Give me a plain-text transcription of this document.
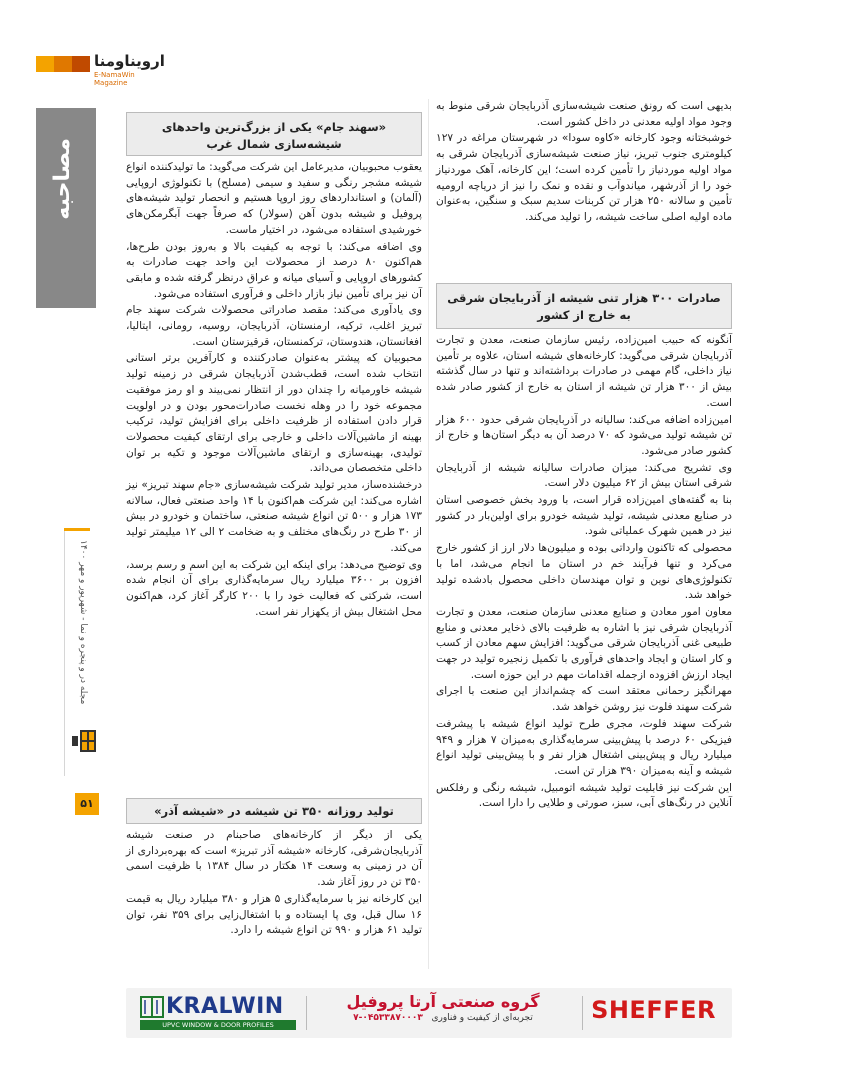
ارویناومنا
E-NamaWin Magazine
مصاحبه
مجله در و پنجره و نما - شهریور و مهر ۱۴۰۰
۵۱

بدیهی است که رونق صنعت شیشه‌سازی آذربایجان شرقی منوط به وجود مواد اولیه معدنی در داخل کشور است.

خوشبختانه وجود کارخانه «کاوه سودا» در شهرستان مراغه در ۱۲۷ کیلومتری جنوب تبریز، نیاز صنعت شیشه‌سازی آذربایجان شرقی به مواد اولیه موردنیاز را تأمین کرده است؛ این کارخانه، آهک موردنیاز خود را از آذرشهر، میاندوآب و نقده و نمک را نیز از دریاچه ارومیه تأمین و سالانه ۲۵۰ هزار تن کربنات سدیم سبک و سنگین، به‌عنوان ماده اولیه اصلی ساخت شیشه، را تولید می‌کند.

صادرات ۳۰۰ هزار تنی شیشه از آذربایجان شرقی به خارج از کشور

آنگونه که حبیب امین‌زاده، رئیس سازمان صنعت، معدن و تجارت آذربایجان شرقی می‌گوید: کارخانه‌های شیشه استان، علاوه بر تأمین نیاز داخلی، گام مهمی در صادرات برداشته‌اند و تنها در سال گذشته بیش از ۳۰۰ هزار تن شیشه از استان به خارج از کشور صادر شده است.

امین‌زاده اضافه می‌کند: سالیانه در آذربایجان شرقی حدود ۶۰۰ هزار تن شیشه تولید می‌شود که ۷۰ درصد آن به دیگر استان‌ها و خارج از کشور صادر می‌شود.

وی تشریح می‌کند: میزان صادرات سالیانه شیشه از آذربایجان شرقی استان بیش از ۶۲ میلیون دلار است.

بنا به گفته‌های امین‌زاده قرار است، با ورود بخش خصوصی استان در صنایع معدنی شیشه، تولید شیشه خودرو برای اولین‌بار در کشور نیز در همین شهرک عملیاتی شود.

محصولی که تاکنون وارداتی بوده و میلیون‌ها دلار ارز از کشور خارج می‌کرد و تنها فرآیند خم در استان ما انجام می‌شد، اما با تکنولوژی‌های نوین و توان مهندسان داخلی محصول بادشده تولید خواهد شد.

معاون امور معادن و صنایع معدنی سازمان صنعت، معدن و تجارت آذربایجان شرقی نیز با اشاره به ظرفیت بالای ذخایر معدنی و منابع طبیعی غنی آذربایجان شرقی می‌گوید: افزایش سهم معادن از کسب و کار استان و ایجاد واحدهای فرآوری با تکمیل زنجیره تولید در جهت ایجاد ارزش افزوده ازجمله اقدامات مهم در این حوزه است.

مهرانگیز رحمانی معتقد است که چشم‌انداز این صنعت با اجرای شرکت سهند فلوت نیز روشن خواهد شد.

شرکت سهند فلوت، مجری طرح تولید انواع شیشه با پیشرفت فیزیکی ۶۰ درصد با پیش‌بینی سرمایه‌گذاری به‌میزان ۷ هزار و ۹۴۹ میلیارد ریال و پیش‌بینی اشتغال هزار نفر و با پیش‌بینی تولید انواع شیشه و آینه به‌میزان ۳۹۰ هزار تن است.

این شرکت نیز قابلیت تولید شیشه اتومبیل، شیشه رنگی و رفلکس آنلاین در رنگ‌های آبی، سبز، صورتی و طلایی را دارا است.

«سهند جام» یکی از بزرگ‌ترین واحدهای شیشه‌سازی شمال غرب

یعقوب محبوبیان، مدیرعامل این شرکت می‌گوید: ما تولیدکننده انواع شیشه مشجر رنگی و سفید و سیمی (مسلح) با تکنولوژی اروپایی (آلمان) و استانداردهای روز اروپا هستیم و انحصار تولید شیشه‌های پروفیل و شیشه بدون آهن (سولار) که صرفاً جهت آبگرمکن‌های خورشیدی استفاده می‌شود، در اختیار ماست.

وی اضافه می‌کند: با توجه به کیفیت بالا و به‌روز بودن طرح‌ها، هم‌اکنون ۸۰ درصد از محصولات این واحد جهت صادرات به کشورهای اروپایی و آسیای میانه و عراق درنظر گرفته شده و مابقی آن نیز برای تأمین نیاز بازار داخلی و فرآوری استفاده می‌شود.

وی یادآوری می‌کند: مقصد صادراتی محصولات شرکت سهند جام تبریز اغلب، ترکیه، ارمنستان، آذربایجان، روسیه، رومانی، ایتالیا، افغانستان، هندوستان، ترکمنستان، قرقیزستان است.

محبوبیان که پیشتر به‌عنوان صادرکننده و کارآفرین برتر استانی انتخاب شده است، قطب‌شدن آذربایجان شرقی در زمینه تولید شیشه خاورمیانه را چندان دور از انتظار نمی‌بیند و او رمز موفقیت مجموعه خود را در وهله نخست صادرات‌محور بودن و در اولویت قرار دادن استفاده از ظرفیت داخلی برای افزایش تولید، ترکیب بهینه از ماشین‌آلات داخلی و خارجی برای ارتقای کیفیت محصولات تولیدی، بهینه‌سازی و ارتقای ماشین‌آلات موجود و تکیه بر توان داخلی متخصصان می‌داند.

درخشنده‌ساز، مدیر تولید شرکت شیشه‌سازی «جام سهند تبریز» نیز اشاره می‌کند: این شرکت هم‌اکنون با ۱۴ واحد صنعتی فعال، سالانه ۱۷۳ هزار و ۵۰۰ تن انواع شیشه صنعتی، ساختمان و خودرو در بیش از ۳۰ طرح در رنگ‌های مختلف و به ضخامت ۲ الی ۱۲ میلیمتر تولید می‌کند.

وی توضیح می‌دهد: برای اینکه این شرکت به این اسم و رسم برسد، افزون بر ۳۶۰۰ میلیارد ریال سرمایه‌گذاری برای آن انجام شده است، شرکتی که فعالیت خود را با ۲۰۰ کارگر آغاز کرد، هم‌اکنون محل اشتغال بیش از یکهزار نفر است.

تولید روزانه ۳۵۰ تن شیشه در «شیشه آذر»

یکی از دیگر از کارخانه‌های صاحبنام در صنعت شیشه آذربایجان‌شرقی، کارخانه «شیشه آذر تبریز» است که بهره‌برداری از آن در زمینی به وسعت ۱۴ هکتار در سال ۱۳۸۴ با ظرفیت اسمی ۳۵۰ تن در روز آغاز شد.

این کارخانه نیز با سرمایه‌گذاری ۵ هزار و ۳۸۰ میلیارد ریال به قیمت ۱۶ سال قبل، وی پا ایستاده و با اشتغال‌زایی برای ۳۵۹ نفر، توان تولید ۶۱ هزار و ۹۹۰ تن انواع شیشه را دارد.

KRALWIN
UPVC WINDOW & DOOR PROFILES
گروه صنعتی آرتا پروفیل
تجربه‌ای از کیفیت و فناوری   ۰۴۵۳۳۸۷۰۰۰۳-۷	SHEFFER
